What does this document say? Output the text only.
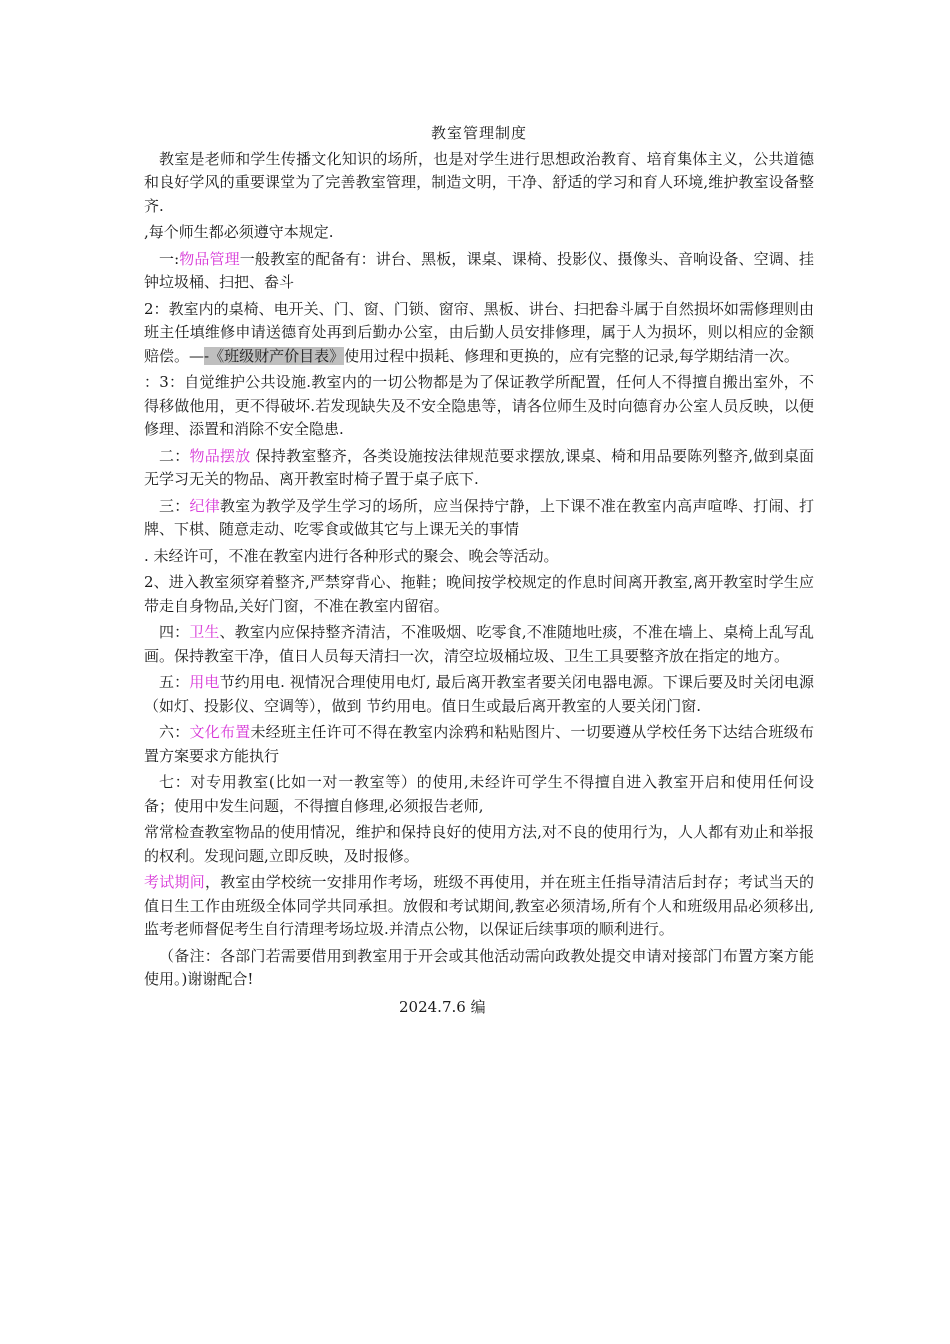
教室管理制度

教室是老师和学生传播文化知识的场所，也是对学生进行思想政治教育、培育集体主义，公共道德和良好学风的重要课堂为了完善教室管理，制造文明，干净、舒适的学习和育人环境,维护教室设备整齐.

,每个师生都必须遵守本规定.

一:物品管理一般教室的配备有：讲台、黑板，课桌、课椅、投影仪、摄像头、音响设备、空调、挂钟垃圾桶、扫把、畚斗

2：教室内的桌椅、电开关、门、窗、门锁、窗帘、黑板、讲台、扫把畚斗属于自然损坏如需修理则由班主任填维修申请送德育处再到后勤办公室，由后勤人员安排修理，属于人为损坏，则以相应的金额赔偿。—-《班级财产价目表》使用过程中损耗、修理和更换的，应有完整的记录,每学期结清一次。

：3：自觉维护公共设施.教室内的一切公物都是为了保证教学所配置，任何人不得擅自搬出室外，不得移做他用，更不得破坏.若发现缺失及不安全隐患等，请各位师生及时向德育办公室人员反映，以便修理、添置和消除不安全隐患.

二：物品摆放 保持教室整齐，各类设施按法律规范要求摆放,课桌、椅和用品要陈列整齐,做到桌面无学习无关的物品、离开教室时椅子置于桌子底下.

三：纪律教室为教学及学生学习的场所，应当保持宁静，上下课不准在教室内高声喧哗、打闹、打牌、下棋、随意走动、吃零食或做其它与上课无关的事情

. 未经许可，不准在教室内进行各种形式的聚会、晚会等活动。

2、进入教室须穿着整齐,严禁穿背心、拖鞋；晚间按学校规定的作息时间离开教室,离开教室时学生应带走自身物品,关好门窗，不准在教室内留宿。

四：卫生、教室内应保持整齐清洁，不准吸烟、吃零食,不准随地吐痰，不准在墙上、桌椅上乱写乱画。保持教室干净，值日人员每天清扫一次，清空垃圾桶垃圾、卫生工具要整齐放在指定的地方。

五：用电节约用电. 视情况合理使用电灯, 最后离开教室者要关闭电器电源。下课后要及时关闭电源（如灯、投影仪、空调等），做到 节约用电。值日生或最后离开教室的人要关闭门窗.

六：文化布置未经班主任许可不得在教室内涂鸦和粘贴图片、一切要遵从学校任务下达结合班级布置方案要求方能执行

七：对专用教室(比如一对一教室等）的使用,未经许可学生不得擅自进入教室开启和使用任何设备；使用中发生问题，不得擅自修理,必须报告老师,

常常检查教室物品的使用情况，维护和保持良好的使用方法,对不良的使用行为，人人都有劝止和举报的权利。发现问题,立即反映，及时报修。

考试期间，教室由学校统一安排用作考场，班级不再使用，并在班主任指导清洁后封存；考试当天的值日生工作由班级全体同学共同承担。放假和考试期间,教室必须清场,所有个人和班级用品必须移出,监考老师督促考生自行清理考场垃圾.并清点公物，以保证后续事项的顺利进行。

（备注：各部门若需要借用到教室用于开会或其他活动需向政教处提交申请对接部门布置方案方能使用。)谢谢配合!

2024.7.6 编
